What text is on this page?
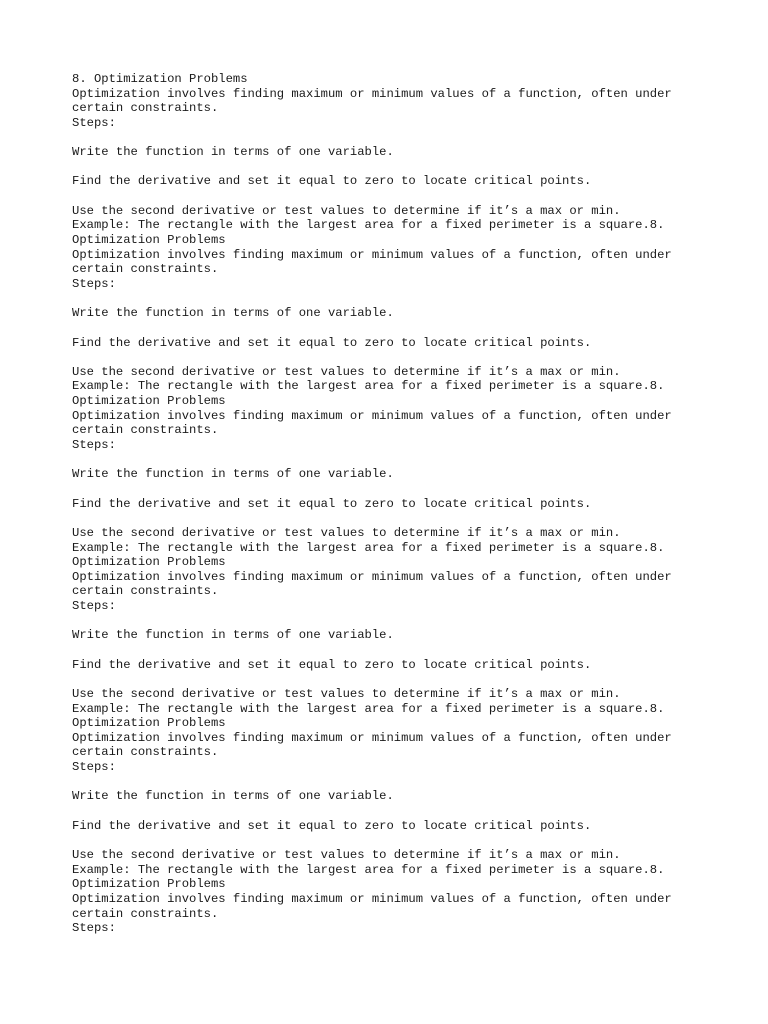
8. Optimization Problems
Optimization involves finding maximum or minimum values of a function, often under
certain constraints.
Steps:
Write the function in terms of one variable.
Find the derivative and set it equal to zero to locate critical points.
Use the second derivative or test values to determine if it’s a max or min.
Example: The rectangle with the largest area for a fixed perimeter is a square.8.
Optimization Problems
Optimization involves finding maximum or minimum values of a function, often under
certain constraints.
Steps:
Write the function in terms of one variable.
Find the derivative and set it equal to zero to locate critical points.
Use the second derivative or test values to determine if it’s a max or min.
Example: The rectangle with the largest area for a fixed perimeter is a square.8.
Optimization Problems
Optimization involves finding maximum or minimum values of a function, often under
certain constraints.
Steps:
Write the function in terms of one variable.
Find the derivative and set it equal to zero to locate critical points.
Use the second derivative or test values to determine if it’s a max or min.
Example: The rectangle with the largest area for a fixed perimeter is a square.8.
Optimization Problems
Optimization involves finding maximum or minimum values of a function, often under
certain constraints.
Steps:
Write the function in terms of one variable.
Find the derivative and set it equal to zero to locate critical points.
Use the second derivative or test values to determine if it’s a max or min.
Example: The rectangle with the largest area for a fixed perimeter is a square.8.
Optimization Problems
Optimization involves finding maximum or minimum values of a function, often under
certain constraints.
Steps:
Write the function in terms of one variable.
Find the derivative and set it equal to zero to locate critical points.
Use the second derivative or test values to determine if it’s a max or min.
Example: The rectangle with the largest area for a fixed perimeter is a square.8.
Optimization Problems
Optimization involves finding maximum or minimum values of a function, often under
certain constraints.
Steps:
